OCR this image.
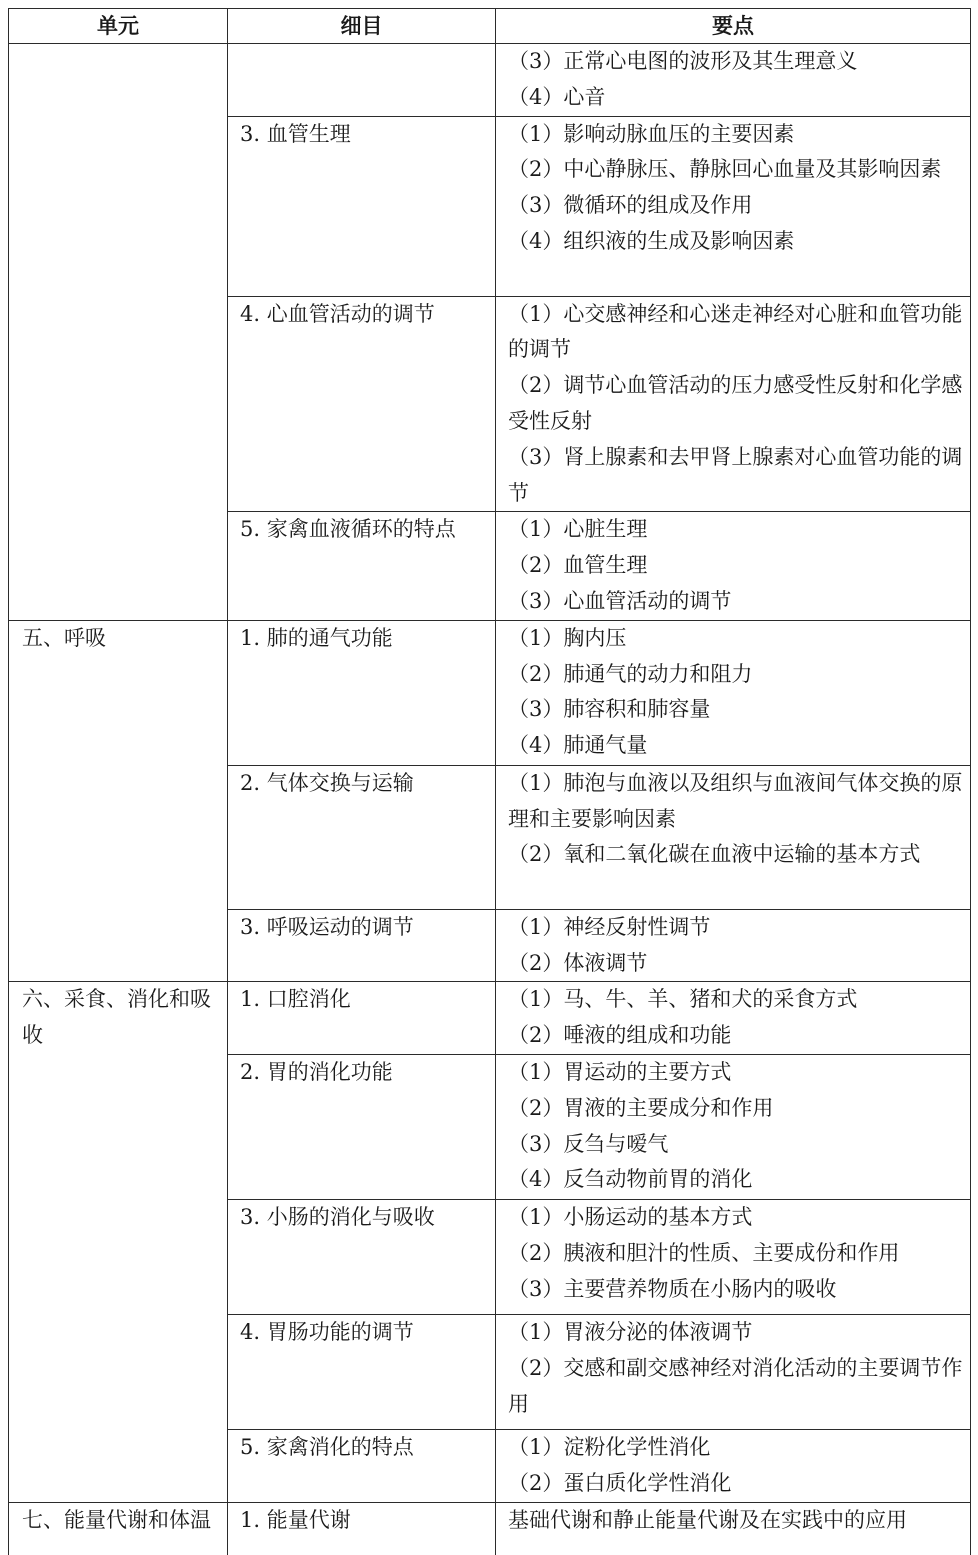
单元	细目	要点

		（3）正常心电图的波形及其生理意义
（4）心音

	3. 血管生理	（1）影响动脉血压的主要因素
（2）中心静脉压、静脉回心血量及其影响因素
（3）微循环的组成及作用
（4）组织液的生成及影响因素

	4. 心血管活动的调节	（1）心交感神经和心迷走神经对心脏和血管功能的调节
（2）调节心血管活动的压力感受性反射和化学感受性反射
（3）肾上腺素和去甲肾上腺素对心血管功能的调节

	5. 家禽血液循环的特点	（1）心脏生理
（2）血管生理
（3）心血管活动的调节

五、呼吸	1. 肺的通气功能	（1）胸内压
（2）肺通气的动力和阻力
（3）肺容积和肺容量
（4）肺通气量

	2. 气体交换与运输	（1）肺泡与血液以及组织与血液间气体交换的原理和主要影响因素
（2）氧和二氧化碳在血液中运输的基本方式

	3. 呼吸运动的调节	（1）神经反射性调节
（2）体液调节

六、采食、消化和吸收	1. 口腔消化	（1）马、牛、羊、猪和犬的采食方式
（2）唾液的组成和功能

	2. 胃的消化功能	（1）胃运动的主要方式
（2）胃液的主要成分和作用
（3）反刍与嗳气
（4）反刍动物前胃的消化

	3. 小肠的消化与吸收	（1）小肠运动的基本方式
（2）胰液和胆汁的性质、主要成份和作用
（3）主要营养物质在小肠内的吸收

	4. 胃肠功能的调节	（1）胃液分泌的体液调节
（2）交感和副交感神经对消化活动的主要调节作用

	5. 家禽消化的特点	（1）淀粉化学性消化
（2）蛋白质化学性消化

七、能量代谢和体温	1. 能量代谢	基础代谢和静止能量代谢及在实践中的应用
